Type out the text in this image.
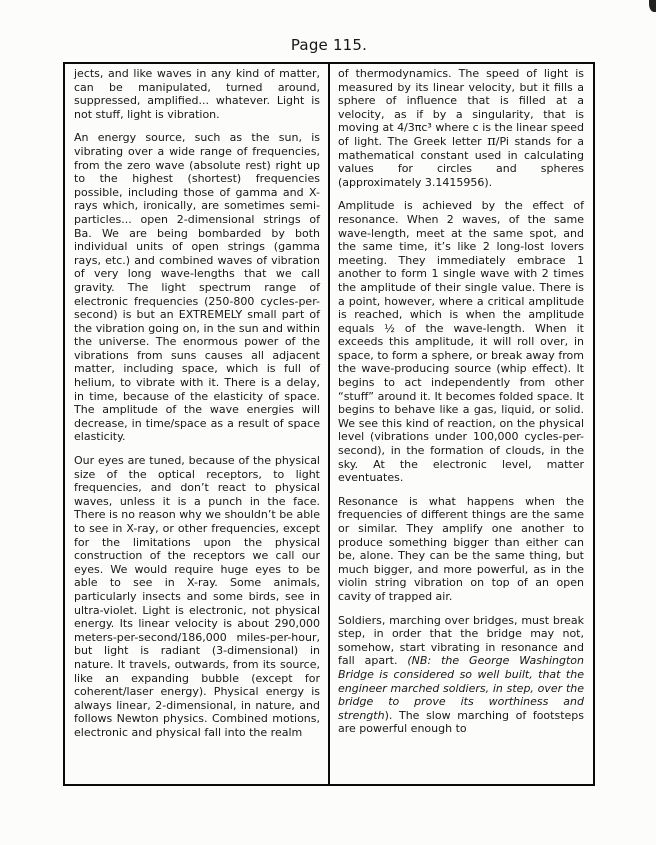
Page 115.

jects, and like waves in any kind of matter, can be manipulated, turned around, suppressed, amplified... whatever. Light is not stuff, light is vibration.

An energy source, such as the sun, is vibrating over a wide range of frequencies, from the zero wave (absolute rest) right up to the highest (shortest) frequencies possible, including those of gamma and X-rays which, ironically, are sometimes semi-particles... open 2-dimensional strings of Ba. We are being bombarded by both individual units of open strings (gamma rays, etc.) and combined waves of vibration of very long wave-lengths that we call gravity. The light spectrum range of electronic frequencies (250-800 cycles-per-second) is but an EXTREMELY small part of the vibration going on, in the sun and within the universe. The enormous power of the vibrations from suns causes all adjacent matter, including space, which is full of helium, to vibrate with it. There is a delay, in time, because of the elasticity of space. The amplitude of the wave energies will decrease, in time/space as a result of space elasticity.

Our eyes are tuned, because of the physical size of the optical receptors, to light frequencies, and don’t react to physical waves, unless it is a punch in the face. There is no reason why we shouldn’t be able to see in X-ray, or other frequencies, except for the limitations upon the physical construction of the receptors we call our eyes. We would require huge eyes to be able to see in X-ray. Some animals, particularly insects and some birds, see in ultra-violet. Light is electronic, not physical energy. Its linear velocity is about 290,000 meters-per-second/186,000 miles-per-hour, but light is radiant (3-dimensional) in nature. It travels, outwards, from its source, like an expanding bubble (except for coherent/laser energy). Physical energy is always linear, 2-dimensional, in nature, and follows Newton physics. Combined motions, electronic and physical fall into the realm

of thermodynamics. The speed of light is measured by its linear velocity, but it fills a sphere of influence that is filled at a velocity, as if by a singularity, that is moving at 4/3πc³ where c is the linear speed of light. The Greek letter π/Pi stands for a mathematical constant used in calculating values for circles and spheres (approximately 3.1415956).

Amplitude is achieved by the effect of resonance. When 2 waves, of the same wave-length, meet at the same spot, and the same time, it’s like 2 long-lost lovers meeting. They immediately embrace 1 another to form 1 single wave with 2 times the amplitude of their single value. There is a point, however, where a critical amplitude is reached, which is when the amplitude equals ½ of the wave-length. When it exceeds this amplitude, it will roll over, in space, to form a sphere, or break away from the wave-producing source (whip effect). It begins to act independently from other “stuff” around it. It becomes folded space. It begins to behave like a gas, liquid, or solid. We see this kind of reaction, on the physical level (vibrations under 100,000 cycles-per-second), in the formation of clouds, in the sky. At the electronic level, matter eventuates.

Resonance is what happens when the frequencies of different things are the same or similar. They amplify one another to produce something bigger than either can be, alone. They can be the same thing, but much bigger, and more powerful, as in the violin string vibration on top of an open cavity of trapped air.

Soldiers, marching over bridges, must break step, in order that the bridge may not, somehow, start vibrating in resonance and fall apart. (NB: the George Washington Bridge is considered so well built, that the engineer marched soldiers, in step, over the bridge to prove its worthiness and strength). The slow marching of footsteps are powerful enough to
